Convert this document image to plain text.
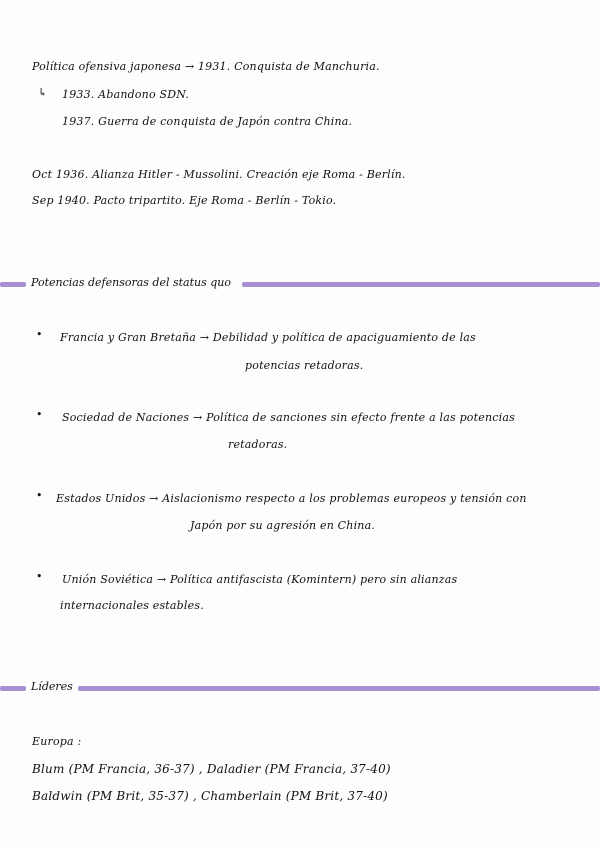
Política ofensiva japonesa → 1931. Conquista de Manchuria.
↳ 1933. Abandono SDN.
1937. Guerra de conquista de Japón contra China.
Oct 1936. Alianza Hitler - Mussolini. Creación eje Roma - Berlín.
Sep 1940. Pacto tripartito. Eje Roma - Berlín - Tokio.
Potencias defensoras del status quo
• Francia y Gran Bretaña → Debilidad y política de apaciguamiento de las
potencias retadoras.
• Sociedad de Naciones → Política de sanciones sin efecto frente a las potencias
retadoras.
• Estados Unidos → Aislacionismo respecto a los problemas europeos y tensión con
Japón por su agresión en China.
• Unión Soviética → Política antifascista (Komintern) pero sin alianzas
internacionales estables.
Líderes
Europa :
Blum (PM Francia, 36-37) , Daladier (PM Francia, 37-40)
Baldwin (PM Brit, 35-37) , Chamberlain (PM Brit, 37-40)
